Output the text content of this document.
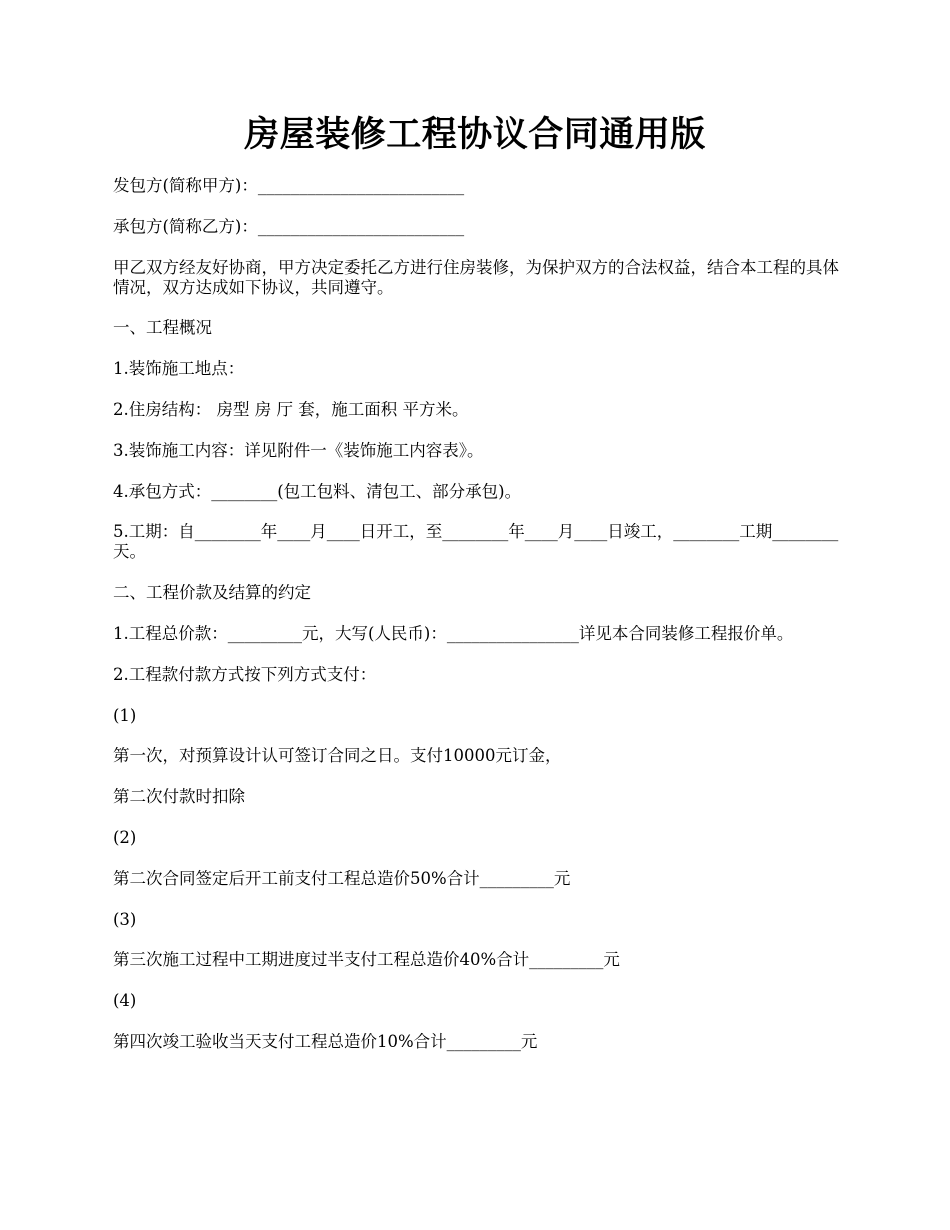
房屋装修工程协议合同通用版

发包方(简称甲方)：_________________________

承包方(简称乙方)：_________________________

甲乙双方经友好协商，甲方决定委托乙方进行住房装修，为保护双方的合法权益，结合本工程的具体情况，双方达成如下协议，共同遵守。

一、工程概况

1.装饰施工地点：

2.住房结构： 房型 房 厅 套，施工面积 平方米。

3.装饰施工内容：详见附件一《装饰施工内容表》。

4.承包方式：________(包工包料、清包工、部分承包)。

5.工期：自________年____月____日开工，至________年____月____日竣工，________工期________天。

二、工程价款及结算的约定

1.工程总价款：_________元，大写(人民币)：________________详见本合同装修工程报价单。

2.工程款付款方式按下列方式支付：

(1)

第一次，对预算设计认可签订合同之日。支付10000元订金，

第二次付款时扣除

(2)

第二次合同签定后开工前支付工程总造价50%合计_________元

(3)

第三次施工过程中工期进度过半支付工程总造价40%合计_________元

(4)

第四次竣工验收当天支付工程总造价10%合计_________元
